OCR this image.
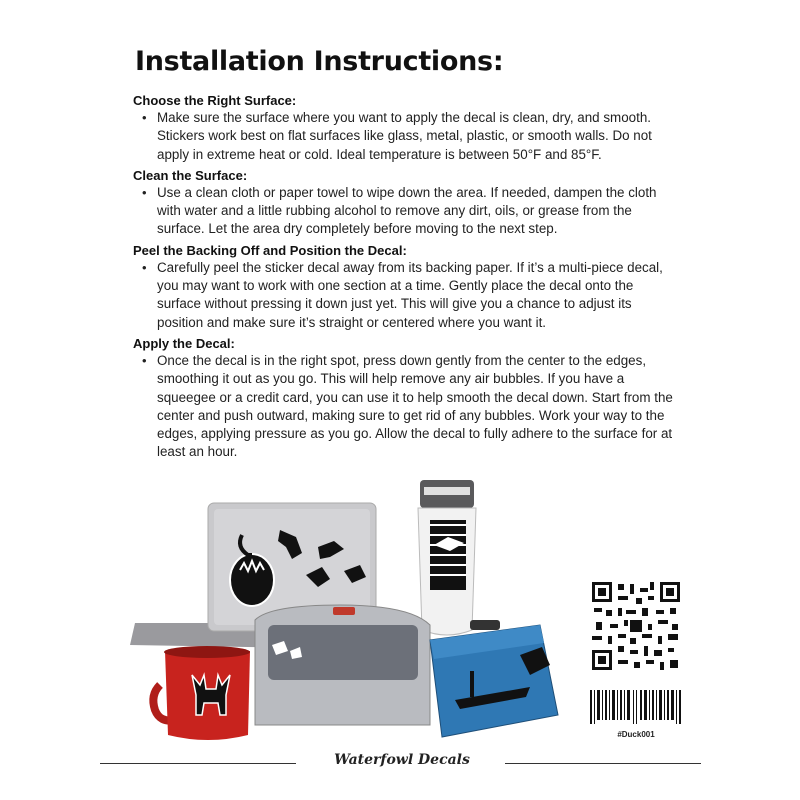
Installation Instructions:

Choose the Right Surface:

• Make sure the surface where you want to apply the decal is clean, dry, and smooth. Stickers work best on flat surfaces like glass, metal, plastic, or smooth walls. Do not apply in extreme heat or cold. Ideal temperature is between 50°F and 85°F.

Clean the Surface:

• Use a clean cloth or paper towel to wipe down the area. If needed, dampen the cloth with water and a little rubbing alcohol to remove any dirt, oils, or grease from the surface. Let the area dry completely before moving to the next step.

Peel the Backing Off and Position the Decal:

• Carefully peel the sticker decal away from its backing paper. If it’s a multi-piece decal, you may want to work with one section at a time. Gently place the decal onto the surface without pressing it down just yet. This will give you a chance to adjust its position and make sure it’s straight or centered where you want it.

Apply the Decal:

• Once the decal is in the right spot, press down gently from the center to the edges, smoothing it out as you go. This will help remove any air bubbles. If you have a squeegee or a credit card, you can use it to help smooth the decal down. Start from the center and push outward, making sure to get rid of any bubbles. Work your way to the edges, applying pressure as you go. Allow the decal to fully adhere to the surface for at least an hour.

#Duck001
Waterfowl Decals
